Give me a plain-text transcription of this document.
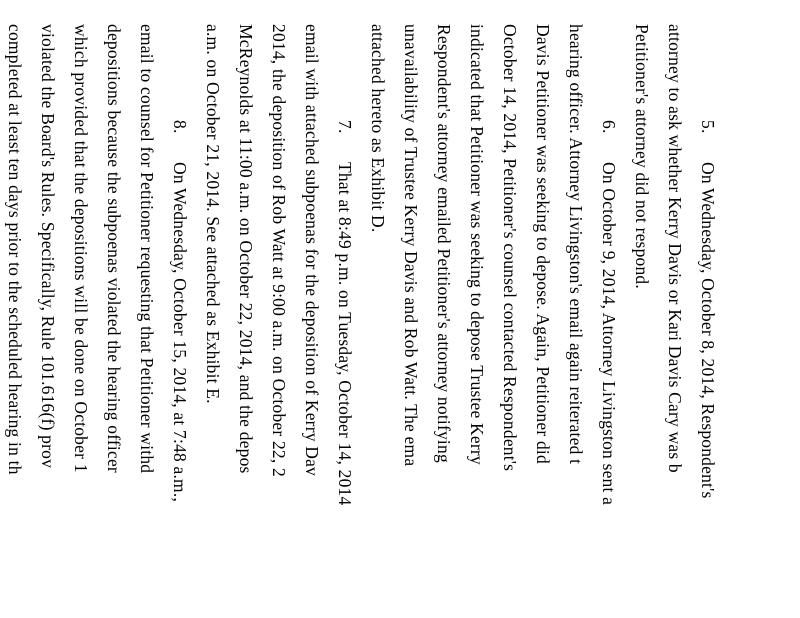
5.On Wednesday, October 8, 2014, Respondent's
attorney to ask whether Kerry Davis or Kari Davis Cary was b
Petitioner's attorney did not respond.
6.On October 9, 2014, Attorney Livingston sent a
hearing officer. Attorney Livingston's email again reiterated t
Davis Petitioner was seeking to depose. Again, Petitioner did
October 14, 2014, Petitioner's counsel contacted Respondent's
indicated that Petitioner was seeking to depose Trustee Kerry
Respondent's attorney emailed Petitioner's attorney notifying
unavailability of Trustee Kerry Davis and Rob Watt. The ema
attached hereto as Exhibit D.
7.That at 8:49 p.m. on Tuesday, October 14, 2014
email with attached subpoenas for the deposition of Kerry Dav
2014, the deposition of Rob Watt at 9:00 a.m. on October 22, 2
McReynolds at 11:00 a.m. on October 22, 2014, and the depos
a.m. on October 21, 2014. See attached as Exhibit E.
8.On Wednesday, October 15, 2014, at 7:48 a.m.,
email to counsel for Petitioner requesting that Petitioner withd
depositions because the subpoenas violated the hearing officer
which provided that the depositions will be done on October 1
violated the Board's Rules. Specifically, Rule 101.616(f) prov
completed at least ten days prior to the scheduled hearing in th
